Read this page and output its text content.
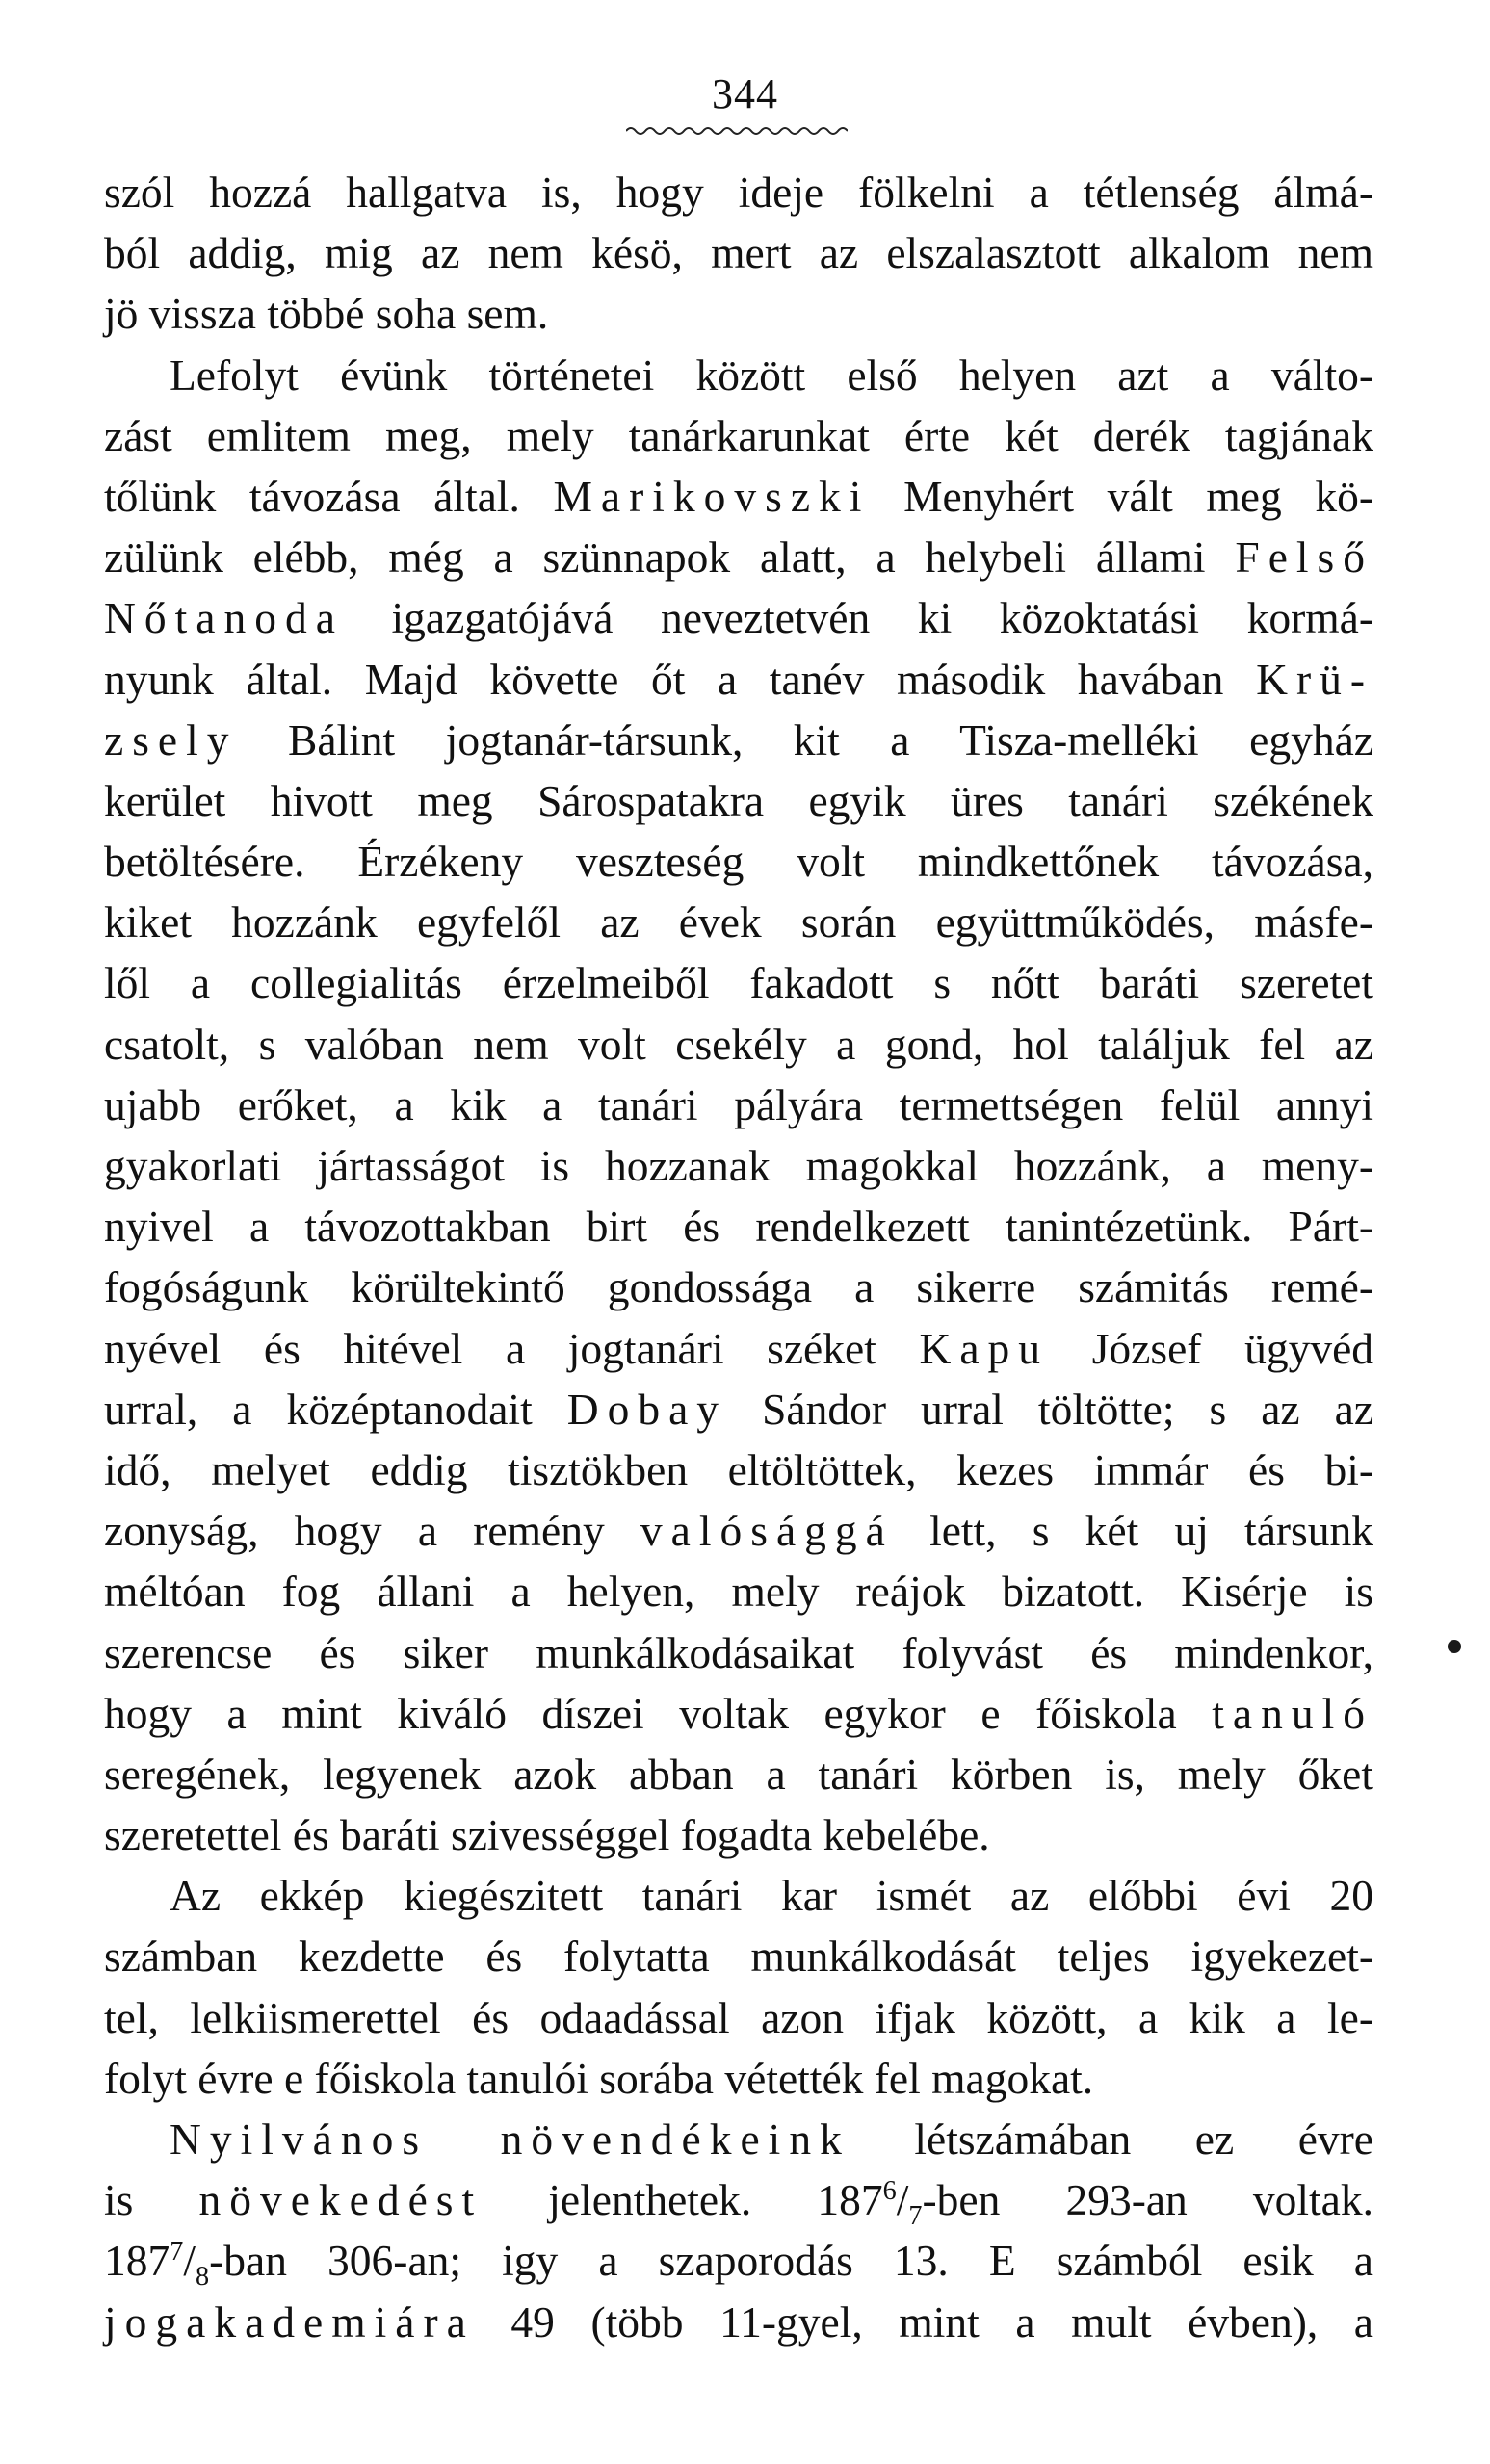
344
szól hozzá hallgatva is, hogy ideje fölkelni a tétlenség álmá-
ból addig, mig az nem késö, mert az elszalasztott alkalom nem
jö vissza többé soha sem.
Lefolyt évünk történetei között első helyen azt a válto-
zást emlitem meg, mely tanárkarunkat érte két derék tagjának
tőlünk távozása által. Marikovszki Menyhért vált meg kö-
zülünk elébb, még a szünnapok alatt, a helybeli állami Felső
Nőtanoda igazgatójává neveztetvén ki közoktatási kormá-
nyunk által. Majd követte őt a tanév második havában Krü-
zsely Bálint jogtanár-társunk, kit a Tisza-melléki egyház
kerület hivott meg Sárospatakra egyik üres tanári székének
betöltésére. Érzékeny veszteség volt mindkettőnek távozása,
kiket hozzánk egyfelől az évek során együttműködés, másfe-
lől a collegialitás érzelmeiből fakadott s nőtt baráti szeretet
csatolt, s valóban nem volt csekély a gond, hol találjuk fel az
ujabb erőket, a kik a tanári pályára termettségen felül annyi
gyakorlati jártasságot is hozzanak magokkal hozzánk, a meny-
nyivel a távozottakban birt és rendelkezett tanintézetünk. Párt-
fogóságunk körültekintő gondossága a sikerre számitás remé-
nyével és hitével a jogtanári széket Kapu József ügyvéd
urral, a középtanodait Dobay Sándor urral töltötte; s az az
idő, melyet eddig tisztökben eltöltöttek, kezes immár és bi-
zonyság, hogy a remény valósággá lett, s két uj társunk
méltóan fog állani a helyen, mely reájok bizatott. Kisérje is
szerencse és siker munkálkodásaikat folyvást és mindenkor,
hogy a mint kiváló díszei voltak egykor e főiskola tanuló
seregének, legyenek azok abban a tanári körben is, mely őket
szeretettel és baráti szivességgel fogadta kebelébe.
Az ekkép kiegészitett tanári kar ismét az előbbi évi 20
számban kezdette és folytatta munkálkodását teljes igyekezet-
tel, lelkiismerettel és odaadással azon ifjak között, a kik a le-
folyt évre e főiskola tanulói sorába vétették fel magokat.
Nyilvános növendékeink létszámában ez évre
is növekedést jelenthetek. $187^6/_7$-ben 293-an voltak.
$187^7/_8$-ban 306-an; igy a szaporodás 13. E számból esik a
jogakademiára 49 (több 11-gyel, mint a mult évben), a
